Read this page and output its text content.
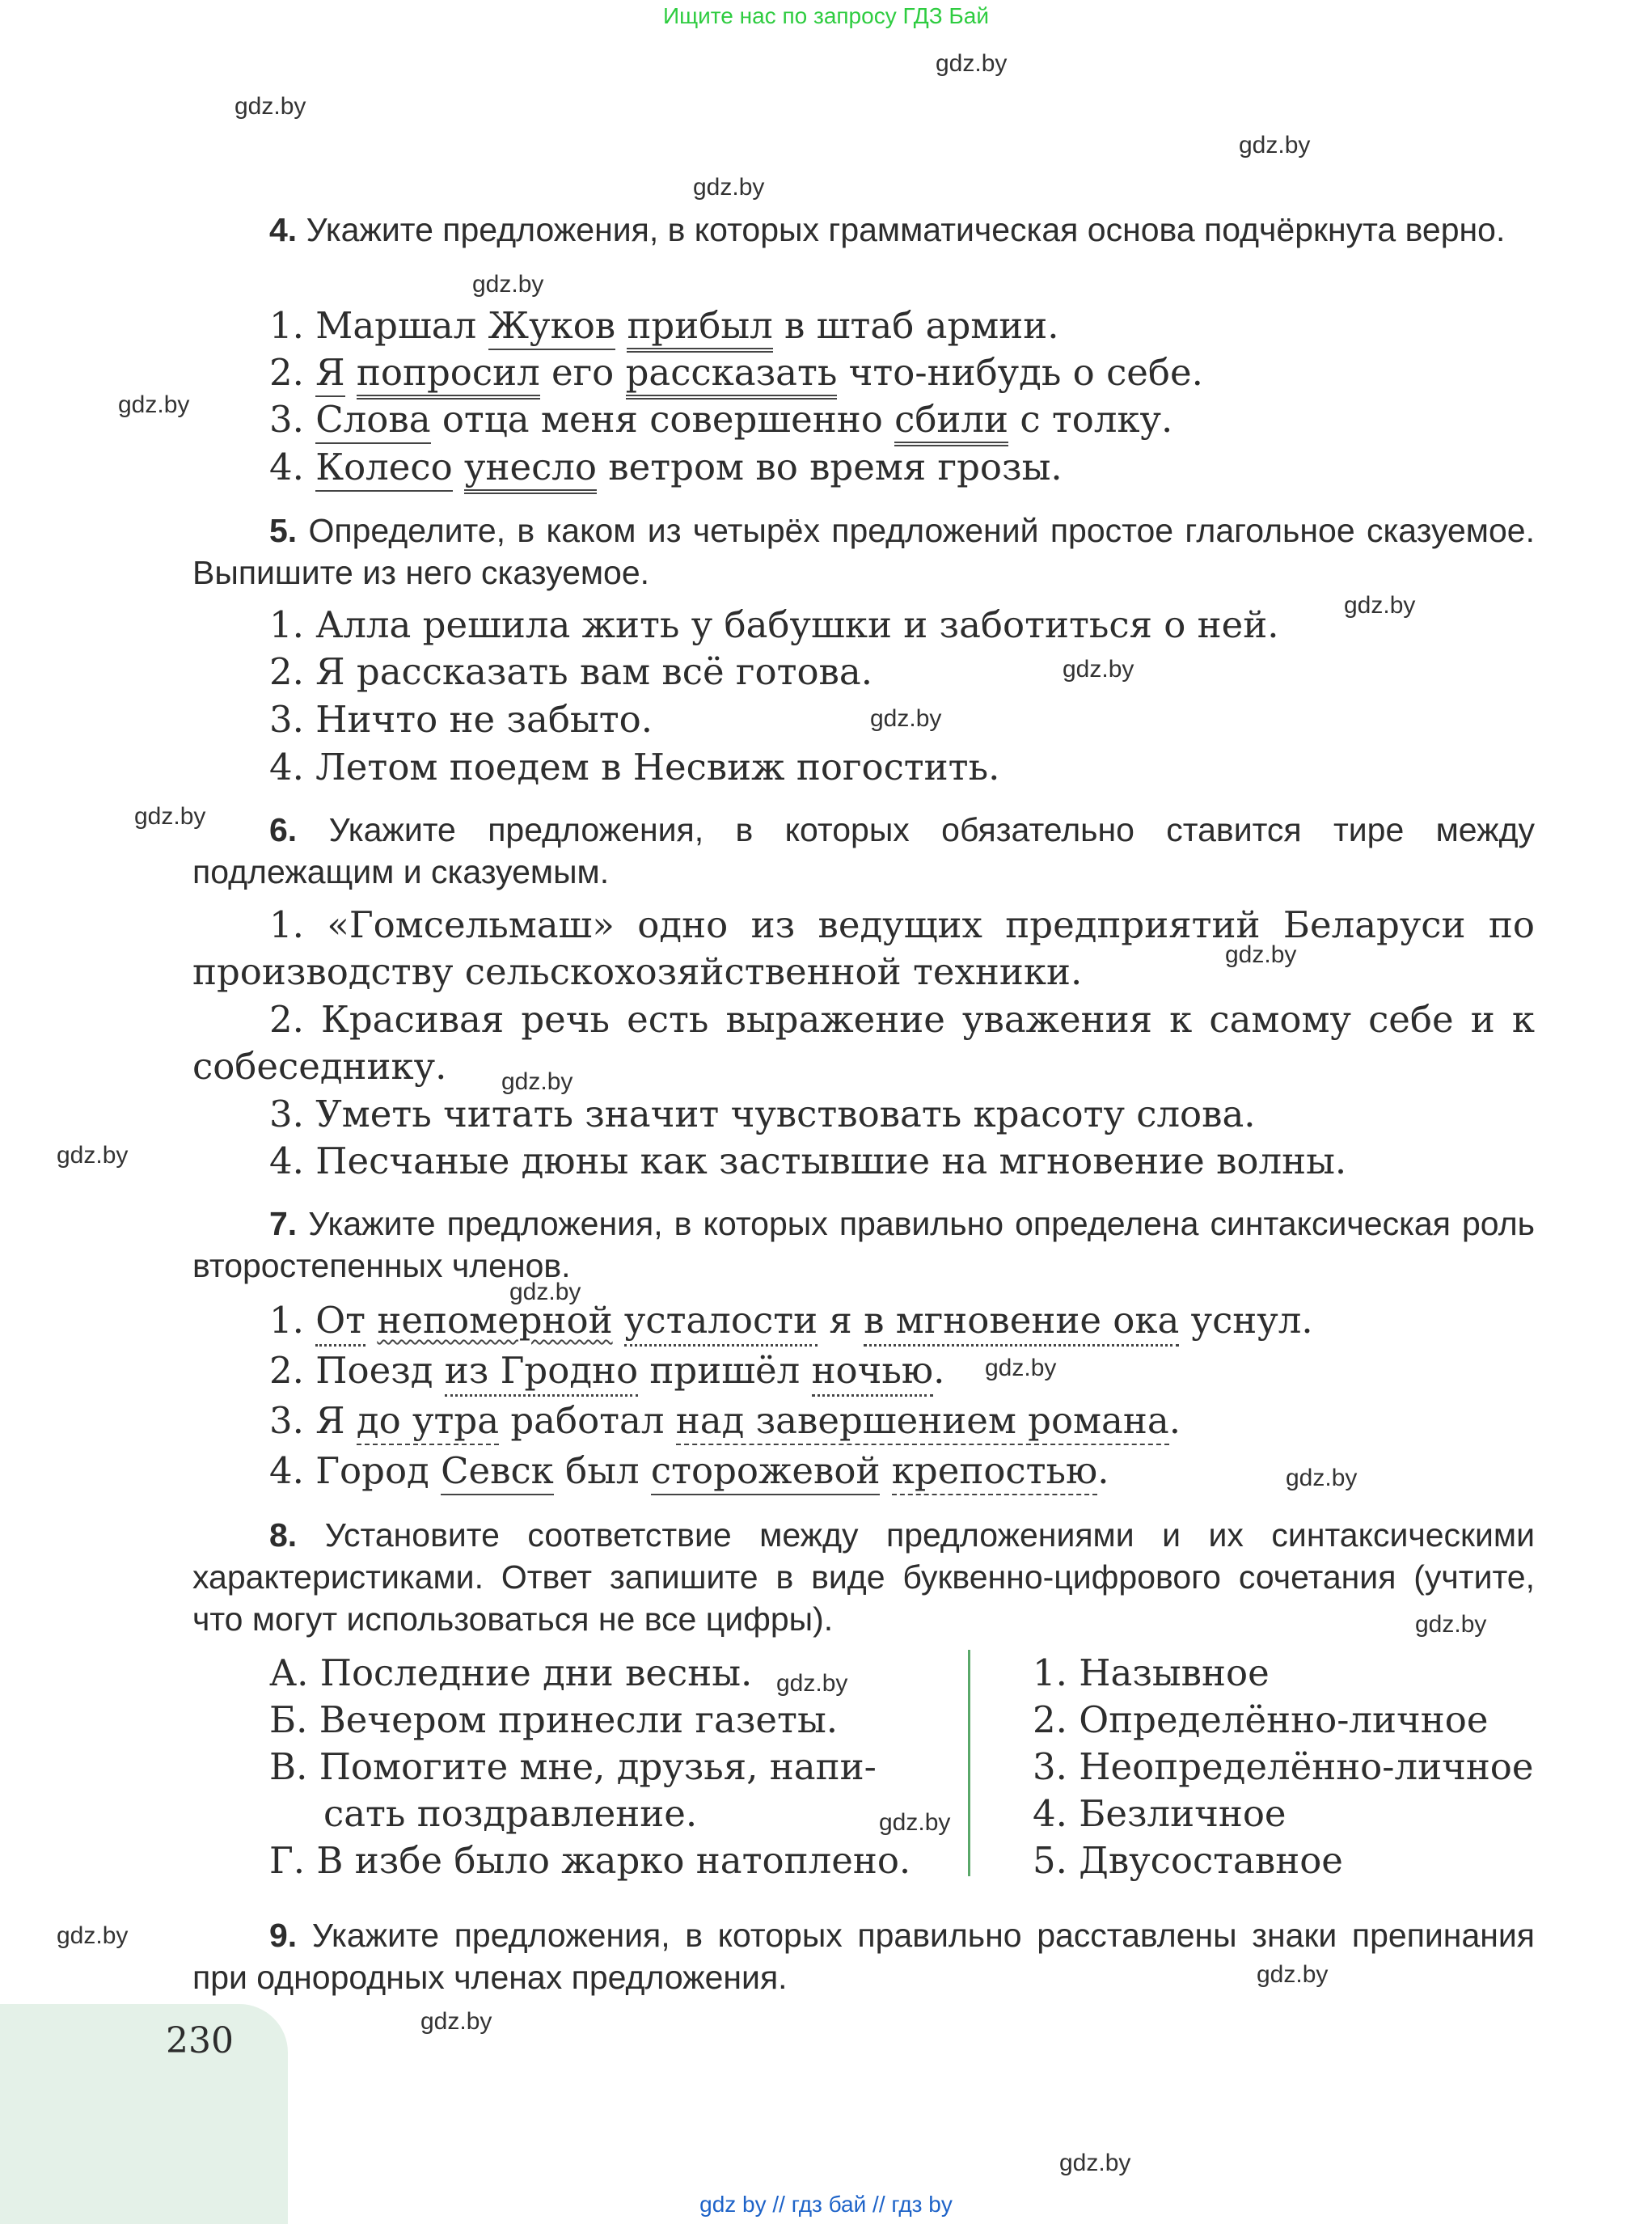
Ищите нас по запросу ГДЗ Бай
gdz.by
gdz.by
gdz.by
gdz.by
gdz.by
gdz.by
gdz.by
gdz.by
gdz.by
gdz.by
gdz.by
gdz.by
gdz.by
gdz.by
gdz.by
gdz.by
gdz.by
gdz.by
gdz.by
gdz.by
gdz.by
gdz.by
gdz.by
4. Укажите предложения, в которых грамматическая основа подчёркнута верно.
1. Маршал Жуков прибыл в штаб армии.
2. Я попросил его рассказать что-нибудь о себе.
3. Слова отца меня совершенно сбили с толку.
4. Колесо унесло ветром во время грозы.
5. Определите, в каком из четырёх предложений простое глагольное сказуемое. Выпишите из него сказуемое.
1. Алла решила жить у бабушки и заботиться о ней.
2. Я рассказать вам всё готова.
3. Ничто не забыто.
4. Летом поедем в Несвиж погостить.
6. Укажите предложения, в которых обязательно ставится тире между подлежащим и сказуемым.
1. «Гомсельмаш» одно из ведущих предприятий Беларуси по производству сельскохозяйственной техники.
2. Красивая речь есть выражение уважения к самому себе и к собеседнику.
3. Уметь читать значит чувствовать красоту слова.
4. Песчаные дюны как застывшие на мгновение волны.
7. Укажите предложения, в которых правильно определена синтаксическая роль второстепенных членов.
1. От непомерной усталости я в мгновение ока уснул.
2. Поезд из Гродно пришёл ночью.
3. Я до утра работал над завершением романа.
4. Город Севск был сторожевой крепостью.
8. Установите соответствие между предложениями и их синтаксическими характеристиками. Ответ запишите в виде буквенно-цифрового сочетания (учтите, что могут использоваться не все цифры).
А. Последние дни весны.
Б. Вечером принесли газеты.
В. Помогите мне, друзья, напи-
сать поздравление.
Г. В избе было жарко натоплено.
1. Назывное
2. Определённо-личное
3. Неопределённо-личное
4. Безличное
5. Двусоставное
9. Укажите предложения, в которых правильно расставлены знаки препинания при однородных членах предложения.
230
gdz by // гдз бай // гдз by
